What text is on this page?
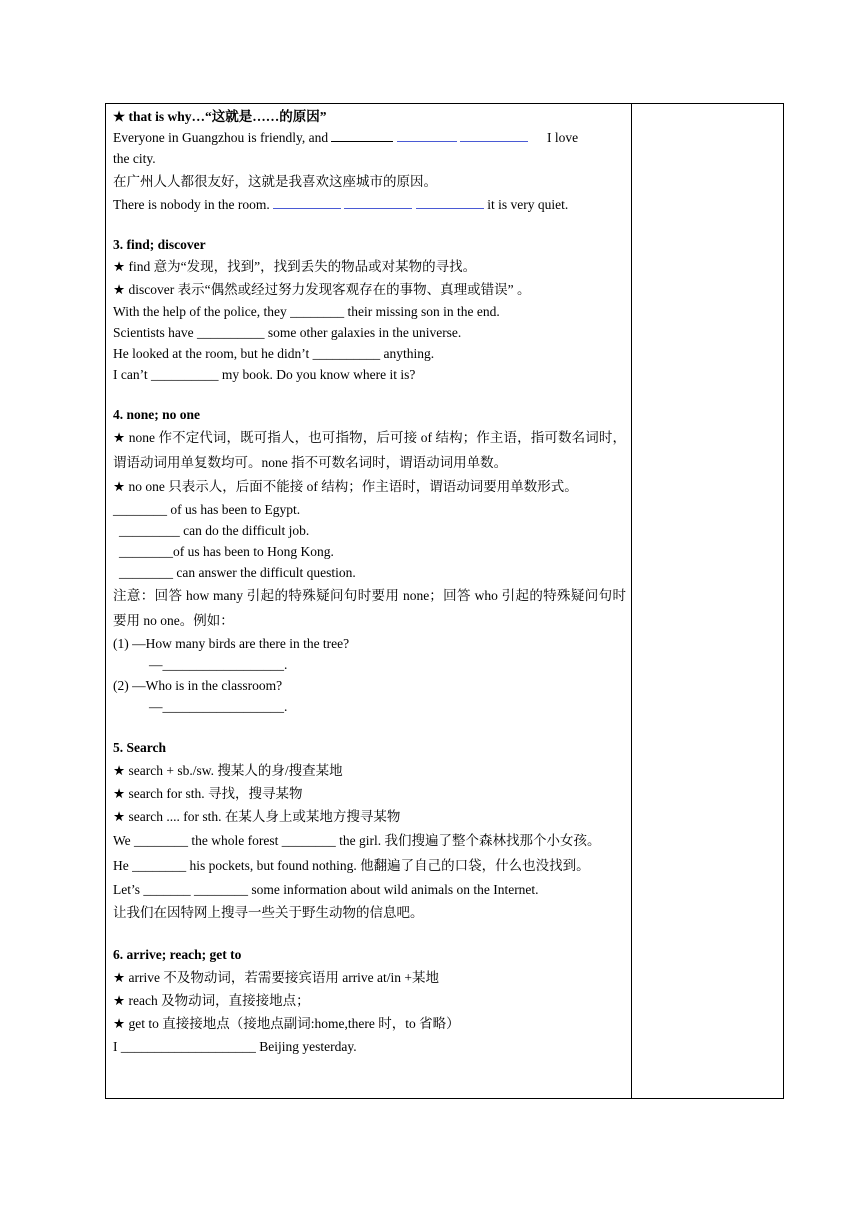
★ that is why…“这就是……的原因”
Everyone in Guangzhou is friendly, and	I love
the city.
在广州人人都很友好，这就是我喜欢这座城市的原因。
There is nobody in the room.	it is very quiet.
3. find; discover
★ find 意为“发现，找到”，找到丢失的物品或对某物的寻找。
★ discover 表示“偶然或经过努力发现客观存在的事物、真理或错误” 。
With the help of the police, they ________ their missing son in the end.
Scientists have __________ some other galaxies in the universe.
He looked at the room, but he didn’t __________ anything.
I can’t __________ my book. Do you know where it is?
4. none; no one
★ none 作不定代词，既可指人，也可指物，后可接 of 结构；作主语，指可数名词时，谓语动词用单复数均可。none 指不可数名词时，谓语动词用单数。
★ no one 只表示人，后面不能接 of 结构；作主语时，谓语动词要用单数形式。
________ of us has been to Egypt.
_________ can do the difficult job.
________of us has been to Hong Kong.
________ can answer the difficult question.
注意：回答 how many 引起的特殊疑问句时要用 none；回答 who 引起的特殊疑问句时要用 no one。例如：
(1) —How many birds are there in the tree?
—__________________.
(2) —Who is in the classroom?
—__________________.
5. Search
★ search + sb./sw. 搜某人的身/搜查某地
★ search for sth. 寻找，搜寻某物
★ search .... for sth. 在某人身上或某地方搜寻某物
We ________ the whole forest ________ the girl. 我们搜遍了整个森林找那个小女孩。
He ________ his pockets, but found nothing. 他翻遍了自己的口袋，什么也没找到。
Let’s _______ ________ some information about wild animals on the Internet.
让我们在因特网上搜寻一些关于野生动物的信息吧。
6. arrive; reach; get to
★ arrive 不及物动词，若需要接宾语用 arrive at/in +某地
★ reach 及物动词，直接接地点；
★ get to 直接接地点（接地点副词:home,there 时，to 省略）
I ____________________ Beijing yesterday.
